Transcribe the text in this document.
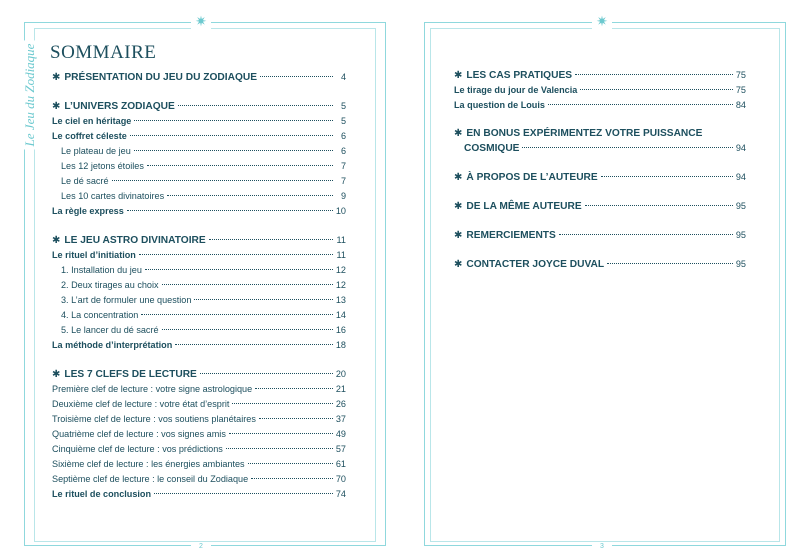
✷
Le Jeu du Zodiaque SOMMAIRE
✱ PRÉSENTATION DU JEU DU ZODIAQUE	4
✱ L’UNIVERS ZODIAQUE	5
Le ciel en héritage	5
Le coffret céleste	6
Le plateau de jeu	6
Les 12 jetons étoiles	7
Le dé sacré	7
Les 10 cartes divinatoires	9
La règle express	10
✱ LE JEU ASTRO DIVINATOIRE	11
Le rituel d’initiation	11
1. Installation du jeu	12
2. Deux tirages au choix	12
3. L’art de formuler une question	13
4. La concentration	14
5. Le lancer du dé sacré	16
La méthode d’interprétation	18
✱ LES 7 CLEFS DE LECTURE	20
Première clef de lecture : votre signe astrologique	21
Deuxième clef de lecture : votre état d’esprit	26
Troisième clef de lecture : vos soutiens planétaires	37
Quatrième clef de lecture : vos signes amis	49
Cinquième clef de lecture : vos prédictions	57
Sixième clef de lecture : les énergies ambiantes	61
Septième clef de lecture : le conseil du Zodiaque	70
Le rituel de conclusion	74
2
✷
✱ LES CAS PRATIQUES	75
Le tirage du jour de Valencia	75
La question de Louis	84
✱ EN BONUS EXPÉRIMENTEZ VOTRE PUISSANCE
COSMIQUE	94
✱ À PROPOS DE L’AUTEURE	94
✱ DE LA MÊME AUTEURE	95
✱ REMERCIEMENTS	95
✱ CONTACTER JOYCE DUVAL	95
3
